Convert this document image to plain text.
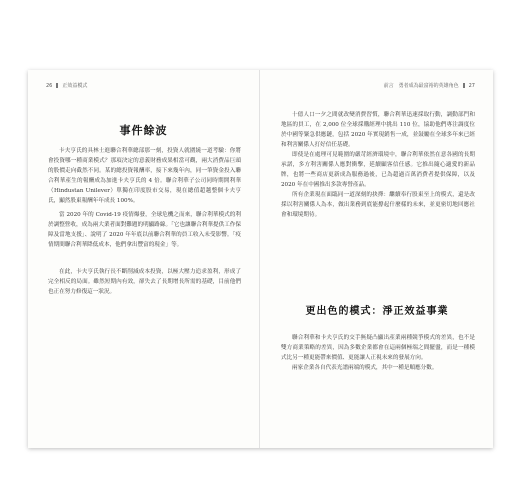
26 正效益模式
事件餘波

卡夫亨氏的具林士進聯合利華總部那一刻，投資人就圍繞一道考驗：你將會投資哪一種商業模式？那項決定的意義財務成果相當可觀，兩大消費品巨頭的股價走向截然不同。某的總投資報酬率，接下來幾年內，同一筆資金投入聯合利華產生的報酬成為加進卡夫亨氏的 4 倍。聯合利華子公司同時期開利華（Hindustan Unilever）單獨在印度股市交易，現在總值超越整個卡夫亨氏，顯然股東報酬年年成長 100%。

當 2020 年的 Covid-19 疫情爆發，全球危機之而來，聯合利華模式的利於調整營收，成為兩大業者面對難題的明顯路線。「它也讓聯合利華提供工作保障及當地支援」、說明了 2020 年年底以前聯合利華的員工收入未受影響。「疫情期間聯合利華降低成本，他們拿出豐富的現金」等。

在此，卡夫亨氏執行長不斷削減成本投資，以極大壓力追求盈利，形成了完全相反的局面。雖然短期內有效，卻失去了長期增長所需的基礎，目前他們也正在努力修復這一狀況。

前言　勇者成為最富裕的英雄角色 27

十億人口一夕之間就改變消費習慣，聯合利華迅速採取行動，調動部門和地區的員工，在 2,000 位全球採購經理中挑出 110 位，協助他們專注調度位於中國等緊急供應鏈，包括 2020 年實現銷售一成，並鼓勵在全球多年來已經和利害關係人打好信任基礎。

即使是在處理可見範圍的嚴苛經濟環境中，聯合利華依然在意各國的長期承諾，多方利害關係人應對衝擊，延續顧客信任感。它推出隨心適愛的新品牌，也將一些商店更新成為服務過後，已為超過百萬消費者提供保障，以及 2020 年在中國推出多款專營產品。

所有企業現在面臨同一道深刻的抉擇：繼續奉行股東至上的模式，還是改採以利害關係人為本，做出業務到底能撐起什麼樣的未來，並更密切地回應社會和環境期待。

更出色的模式：淨正效益事業

聯合利華和卡夫亨氏的交手無疑凸顯出產業兩種競爭模式的差異，也不是雙方商業策略的差異，因為多數企業都會在這兩個極端之間擺盪，而是一種模式比另一種更能帶來價值、更能讓人正視未來的發展方向。

兩家企業各自代表光譜兩端的模式，其中一種是順應分數。
